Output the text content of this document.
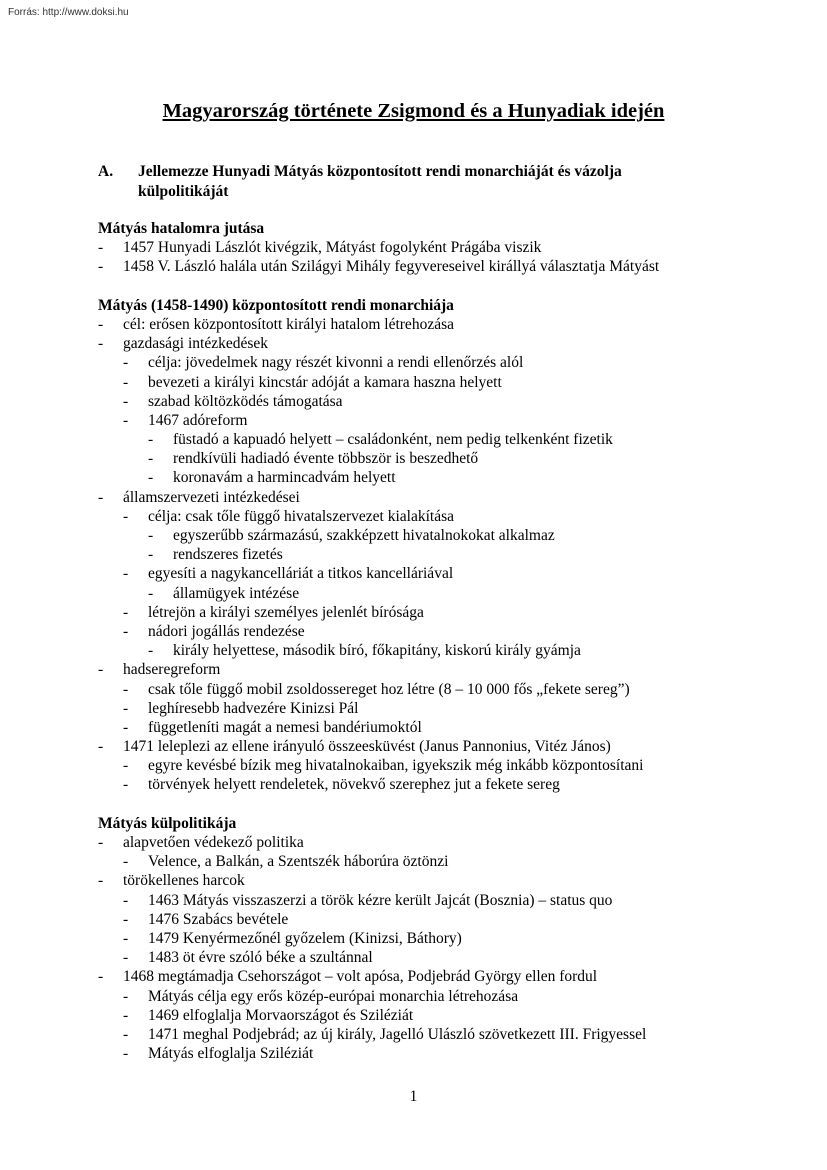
Forrás: http://www.doksi.hu
Magyarország története Zsigmond és a Hunyadiak idején
A. Jellemezze Hunyadi Mátyás központosított rendi monarchiáját és vázolja külpolitikáját
Mátyás hatalomra jutása
- 1457 Hunyadi Lászlót kivégzik, Mátyást fogolyként Prágába viszik
- 1458 V. László halála után Szilágyi Mihály fegyvereseivel királlyá választatja Mátyást
Mátyás (1458-1490) központosított rendi monarchiája
- cél: erősen központosított királyi hatalom létrehozása
- gazdasági intézkedések
- célja: jövedelmek nagy részét kivonni a rendi ellenőrzés alól
- bevezeti a királyi kincstár adóját a kamara haszna helyett
- szabad költözködés támogatása
- 1467 adóreform
- füstadó a kapuadó helyett – családonként, nem pedig telkenként fizetik
- rendkívüli hadiadó évente többször is beszedhető
- koronavám a harmincadvám helyett
- államszervezeti intézkedései
- célja: csak tőle függő hivatalszervezet kialakítása
- egyszerűbb származású, szakképzett hivatalnokokat alkalmaz
- rendszeres fizetés
- egyesíti a nagykancelláriát a titkos kancelláriával
- államügyek intézése
- létrejön a királyi személyes jelenlét bírósága
- nádori jogállás rendezése
- király helyettese, második bíró, főkapitány, kiskorú király gyámja
- hadseregreform
- csak tőle függő mobil zsoldossereget hoz létre (8 – 10 000 fős „fekete sereg”)
- leghíresebb hadvezére Kinizsi Pál
- függetleníti magát a nemesi bandériumoktól
- 1471 leleplezi az ellene irányuló összeesküvést (Janus Pannonius, Vitéz János)
- egyre kevésbé bízik meg hivatalnokaiban, igyekszik még inkább központosítani
- törvények helyett rendeletek, növekvő szerephez jut a fekete sereg
Mátyás külpolitikája
- alapvetően védekező politika
- Velence, a Balkán, a Szentszék háborúra öztönzi
- törökellenes harcok
- 1463 Mátyás visszaszerzi a török kézre került Jajcát (Bosznia) – status quo
- 1476 Szabács bevétele
- 1479 Kenyérmezőnél győzelem (Kinizsi, Báthory)
- 1483 öt évre szóló béke a szultánnal
- 1468 megtámadja Csehországot – volt apósa, Podjebrád György ellen fordul
- Mátyás célja egy erős közép-európai monarchia létrehozása
- 1469 elfoglalja Morvaországot és Sziléziát
- 1471 meghal Podjebrád; az új király, Jagelló Ulászló szövetkezett III. Frigyessel
- Mátyás elfoglalja Sziléziát
1
